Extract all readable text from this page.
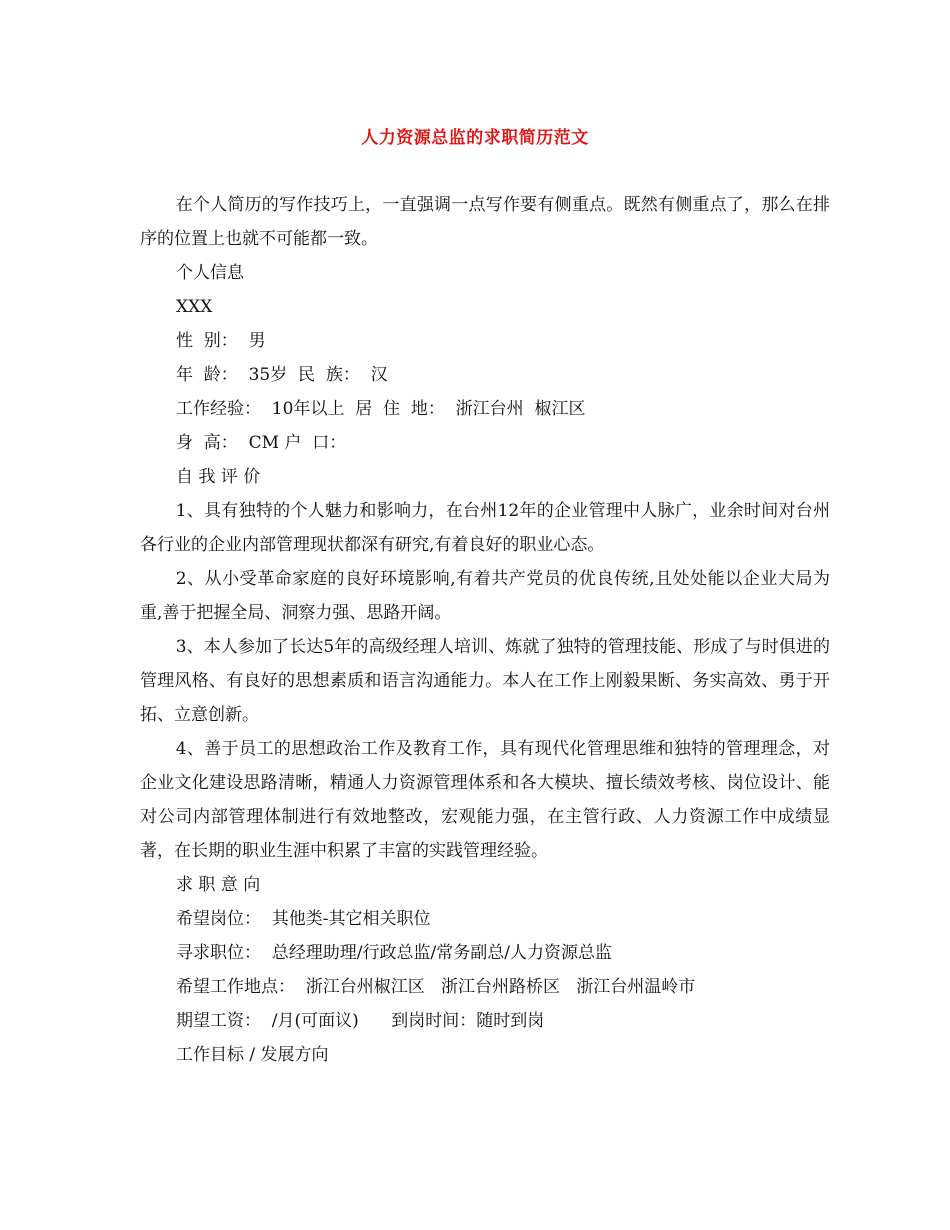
人力资源总监的求职简历范文

在个人简历的写作技巧上，一直强调一点写作要有侧重点。既然有侧重点了，那么在排序的位置上也就不可能都一致。

个人信息

XXX

性  别：  男

年  龄：  35岁  民  族：  汉

工作经验：  10年以上  居  住  地：  浙江台州  椒江区

身  高：  CM 户  口：

自 我 评 价

1、具有独特的个人魅力和影响力，在台州12年的企业管理中人脉广，业余时间对台州各行业的企业内部管理现状都深有研究,有着良好的职业心态。

2、从小受革命家庭的良好环境影响,有着共产党员的优良传统,且处处能以企业大局为重,善于把握全局、洞察力强、思路开阔。

3、本人参加了长达5年的高级经理人培训、炼就了独特的管理技能、形成了与时俱进的管理风格、有良好的思想素质和语言沟通能力。本人在工作上刚毅果断、务实高效、勇于开拓、立意创新。

4、善于员工的思想政治工作及教育工作，具有现代化管理思维和独特的管理理念，对企业文化建设思路清晰，精通人力资源管理体系和各大模块、擅长绩效考核、岗位设计、能对公司内部管理体制进行有效地整改，宏观能力强，在主管行政、人力资源工作中成绩显著，在长期的职业生涯中积累了丰富的实践管理经验。

求 职 意 向

希望岗位：  其他类-其它相关职位

寻求职位：  总经理助理/行政总监/常务副总/人力资源总监

希望工作地点：  浙江台州椒江区   浙江台州路桥区   浙江台州温岭市

期望工资：  /月(可面议)      到岗时间：随时到岗

工作目标 / 发展方向
